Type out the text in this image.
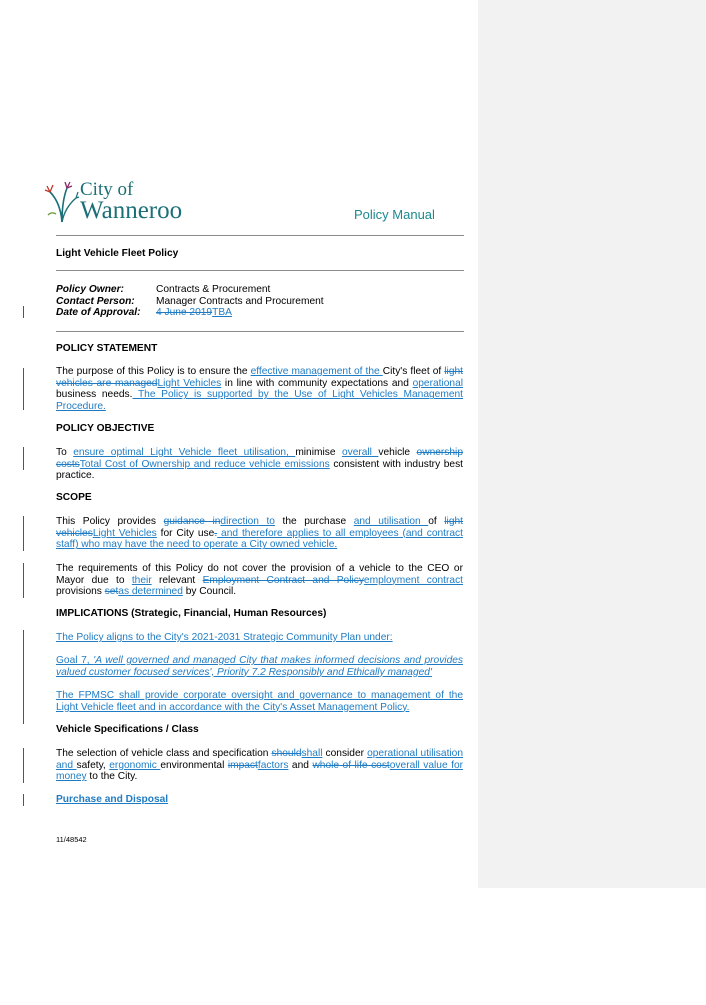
City of
Wanneroo	Policy Manual
Light Vehicle Fleet Policy
Policy Owner:	Contracts & Procurement
Contact Person:	Manager Contracts and Procurement
Date of Approval:	4 June 2019TBA
POLICY STATEMENT
The purpose of this Policy is to ensure the effective management of the City's fleet of light vehicles are managedLight Vehicles in line with community expectations and operational business needs. The Policy is supported by the Use of Light Vehicles Management Procedure.
POLICY OBJECTIVE
To ensure optimal Light Vehicle fleet utilisation, minimise overall vehicle ownership costsTotal Cost of Ownership and reduce vehicle emissions consistent with industry best practice.
SCOPE
This Policy provides guidance indirection to the purchase and utilisation of light vehiclesLight Vehicles for City use. and therefore applies to all employees (and contract staff) who may have the need to operate a City owned vehicle.
The requirements of this Policy do not cover the provision of a vehicle to the CEO or Mayor due to their relevant Employment Contract and Policyemployment contract provisions setas determined by Council.
IMPLICATIONS (Strategic, Financial, Human Resources)
The Policy aligns to the City's 2021-2031 Strategic Community Plan under:
Goal 7, 'A well governed and managed City that makes informed decisions and provides valued customer focused services', Priority 7.2 Responsibly and Ethically managed'
The FPMSC shall provide corporate oversight and governance to management of the Light Vehicle fleet and in accordance with the City's Asset Management Policy.
Vehicle Specifications / Class
The selection of vehicle class and specification shouldshall consider operational utilisation and safety, ergonomic environmental impactfactors and whole of life costoverall value for money to the City.
Purchase and Disposal
11/48542
